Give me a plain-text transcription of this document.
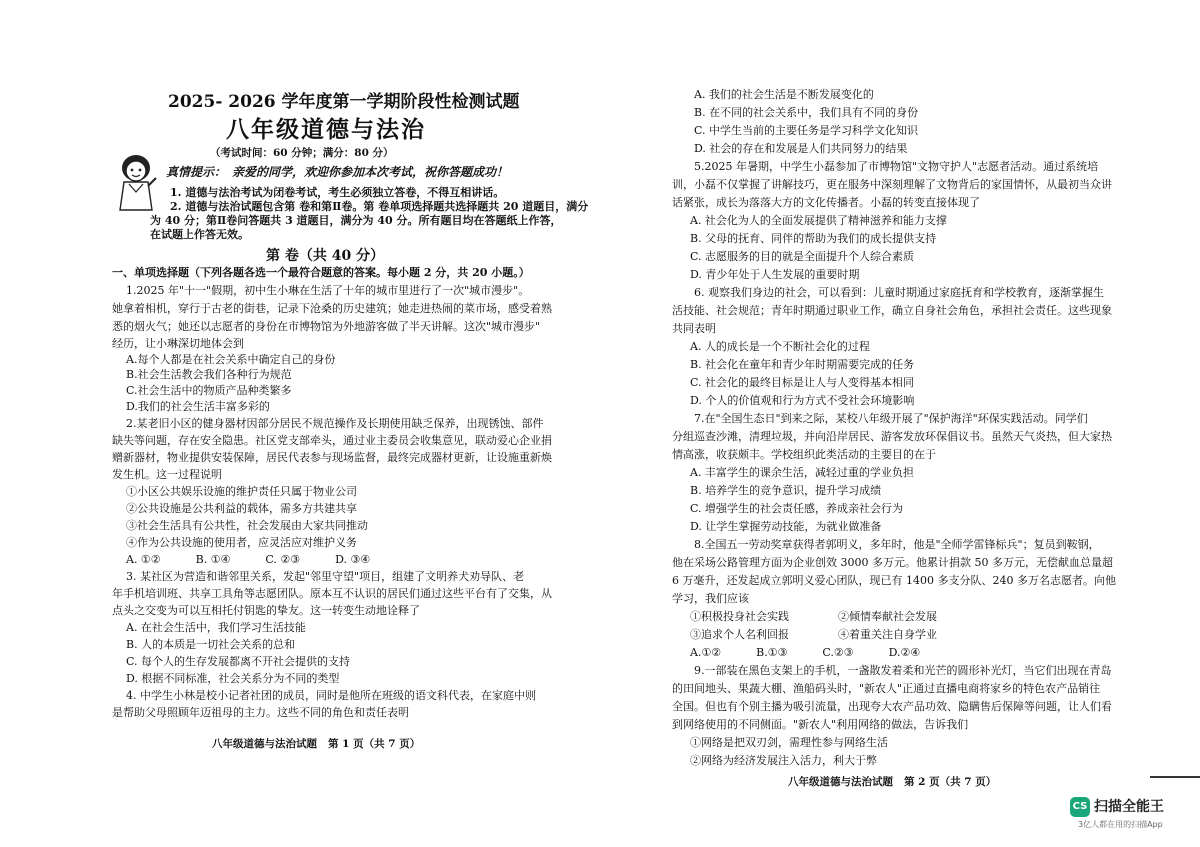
2025- 2026 学年度第一学期阶段性检测试题
八年级道德与法治
（考试时间：60 分钟；满分：80 分）
真情提示： 亲爱的同学，欢迎你参加本次考试，祝你答题成功！
1. 道德与法治考试为闭卷考试，考生必须独立答卷，不得互相讲话。
2. 道德与法治试题包含第 卷和第Ⅱ卷。第 卷单项选择题共选择题共 20 道题目，满分
为 40 分；第Ⅱ卷问答题共 3 道题目，满分为 40 分。所有题目均在答题纸上作答，
在试题上作答无效。
第 卷（共 40 分）
一、单项选择题（下列各题各选一个最符合题意的答案。每小题 2 分，共 20 小题。）
1.2025 年"十一"假期，初中生小琳在生活了十年的城市里进行了一次"城市漫步"。
她拿着相机，穿行于古老的街巷，记录下沧桑的历史建筑；她走进热闹的菜市场，感受着熟
悉的烟火气；她还以志愿者的身份在市博物馆为外地游客做了半天讲解。这次"城市漫步"
经历，让小琳深切地体会到
A.每个人都是在社会关系中确定自己的身份
B.社会生活教会我们各种行为规范
C.社会生活中的物质产品种类繁多
D.我们的社会生活丰富多彩的
2.某老旧小区的健身器材因部分居民不规范操作及长期使用缺乏保养，出现锈蚀、部件
缺失等问题，存在安全隐患。社区党支部牵头，通过业主委员会收集意见，联动爱心企业捐
赠新器材，物业提供安装保障，居民代表参与现场监督，最终完成器材更新，让设施重新焕
发生机。这一过程说明
①小区公共娱乐设施的维护责任只属于物业公司
②公共设施是公共利益的载体，需多方共建共享
③社会生活具有公共性，社会发展由大家共同推动
④作为公共设施的使用者，应灵活应对维护义务
A. ①②          B. ①④          C. ②③          D. ③④
3. 某社区为营造和谐邻里关系，发起"邻里守望"项目，组建了文明养犬劝导队、老
年手机培训班、共享工具角等志愿团队。原本互不认识的居民们通过这些平台有了交集，从
点头之交变为可以互相托付钥匙的挚友。这一转变生动地诠释了
A. 在社会生活中，我们学习生活技能
B. 人的本质是一切社会关系的总和
C. 每个人的生存发展都离不开社会提供的支持
D. 根据不同标准，社会关系分为不同的类型
4. 中学生小林是校小记者社团的成员，同时是他所在班级的语文科代表，在家庭中则
是帮助父母照顾年迈祖母的主力。这些不同的角色和责任表明
八年级道德与法治试题   第 1 页（共 7 页）
A. 我们的社会生活是不断发展变化的
B. 在不同的社会关系中，我们具有不同的身份
C. 中学生当前的主要任务是学习科学文化知识
D. 社会的存在和发展是人们共同努力的结果
5.2025 年暑期，中学生小磊参加了市博物馆"文物守护人"志愿者活动。通过系统培
训，小磊不仅掌握了讲解技巧，更在服务中深刻理解了文物背后的家国情怀，从最初当众讲
话紧张，成长为落落大方的文化传播者。小磊的转变直接体现了
A. 社会化为人的全面发展提供了精神滋养和能力支撑
B. 父母的抚育、同伴的帮助为我们的成长提供支持
C. 志愿服务的目的就是全面提升个人综合素质
D. 青少年处于人生发展的重要时期
6. 观察我们身边的社会，可以看到：儿童时期通过家庭抚育和学校教育，逐渐掌握生
活技能、社会规范；青年时期通过职业工作，确立自身社会角色，承担社会责任。这些现象
共同表明
A. 人的成长是一个不断社会化的过程
B. 社会化在童年和青少年时期需要完成的任务
C. 社会化的最终目标是让人与人变得基本相同
D. 个人的价值观和行为方式不受社会环境影响
7.在"全国生态日"到来之际，某校八年级开展了"保护海洋"环保实践活动。同学们
分组巡查沙滩，清理垃圾，并向沿岸居民、游客发放环保倡议书。虽然天气炎热，但大家热
情高涨，收获颇丰。学校组织此类活动的主要目的在于
A. 丰富学生的课余生活，减轻过重的学业负担
B. 培养学生的竞争意识，提升学习成绩
C. 增强学生的社会责任感，养成亲社会行为
D. 让学生掌握劳动技能，为就业做准备
8.全国五一劳动奖章获得者郭明义，多年时，他是"全师学雷锋标兵"；复员到鞍钢，
他在采场公路管理方面为企业创效 3000 多万元。他累计捐款 50 多万元，无偿献血总量超
6 万毫升，还发起成立郭明义爱心团队，现已有 1400 多支分队、240 多万名志愿者。向他
学习，我们应该
①积极投身社会实践              ②倾情奉献社会发展
③追求个人名利回报              ④着重关注自身学业
A.①②          B.①③          C.②③          D.②④
9.一部装在黑色支架上的手机，一盏散发着柔和光芒的圆形补光灯，当它们出现在青岛
的田间地头、果蔬大棚、渔船码头时，"新农人"正通过直播电商将家乡的特色农产品销往
全国。但也有个别主播为吸引流量，出现夸大农产品功效、隐瞒售后保障等问题，让人们看
到网络使用的不同侧面。"新农人"利用网络的做法，告诉我们
①网络是把双刃剑，需理性参与网络生活
②网络为经济发展注入活力，利大于弊
八年级道德与法治试题   第 2 页（共 7 页）
CS 扫描全能王
3亿人都在用的扫描App
